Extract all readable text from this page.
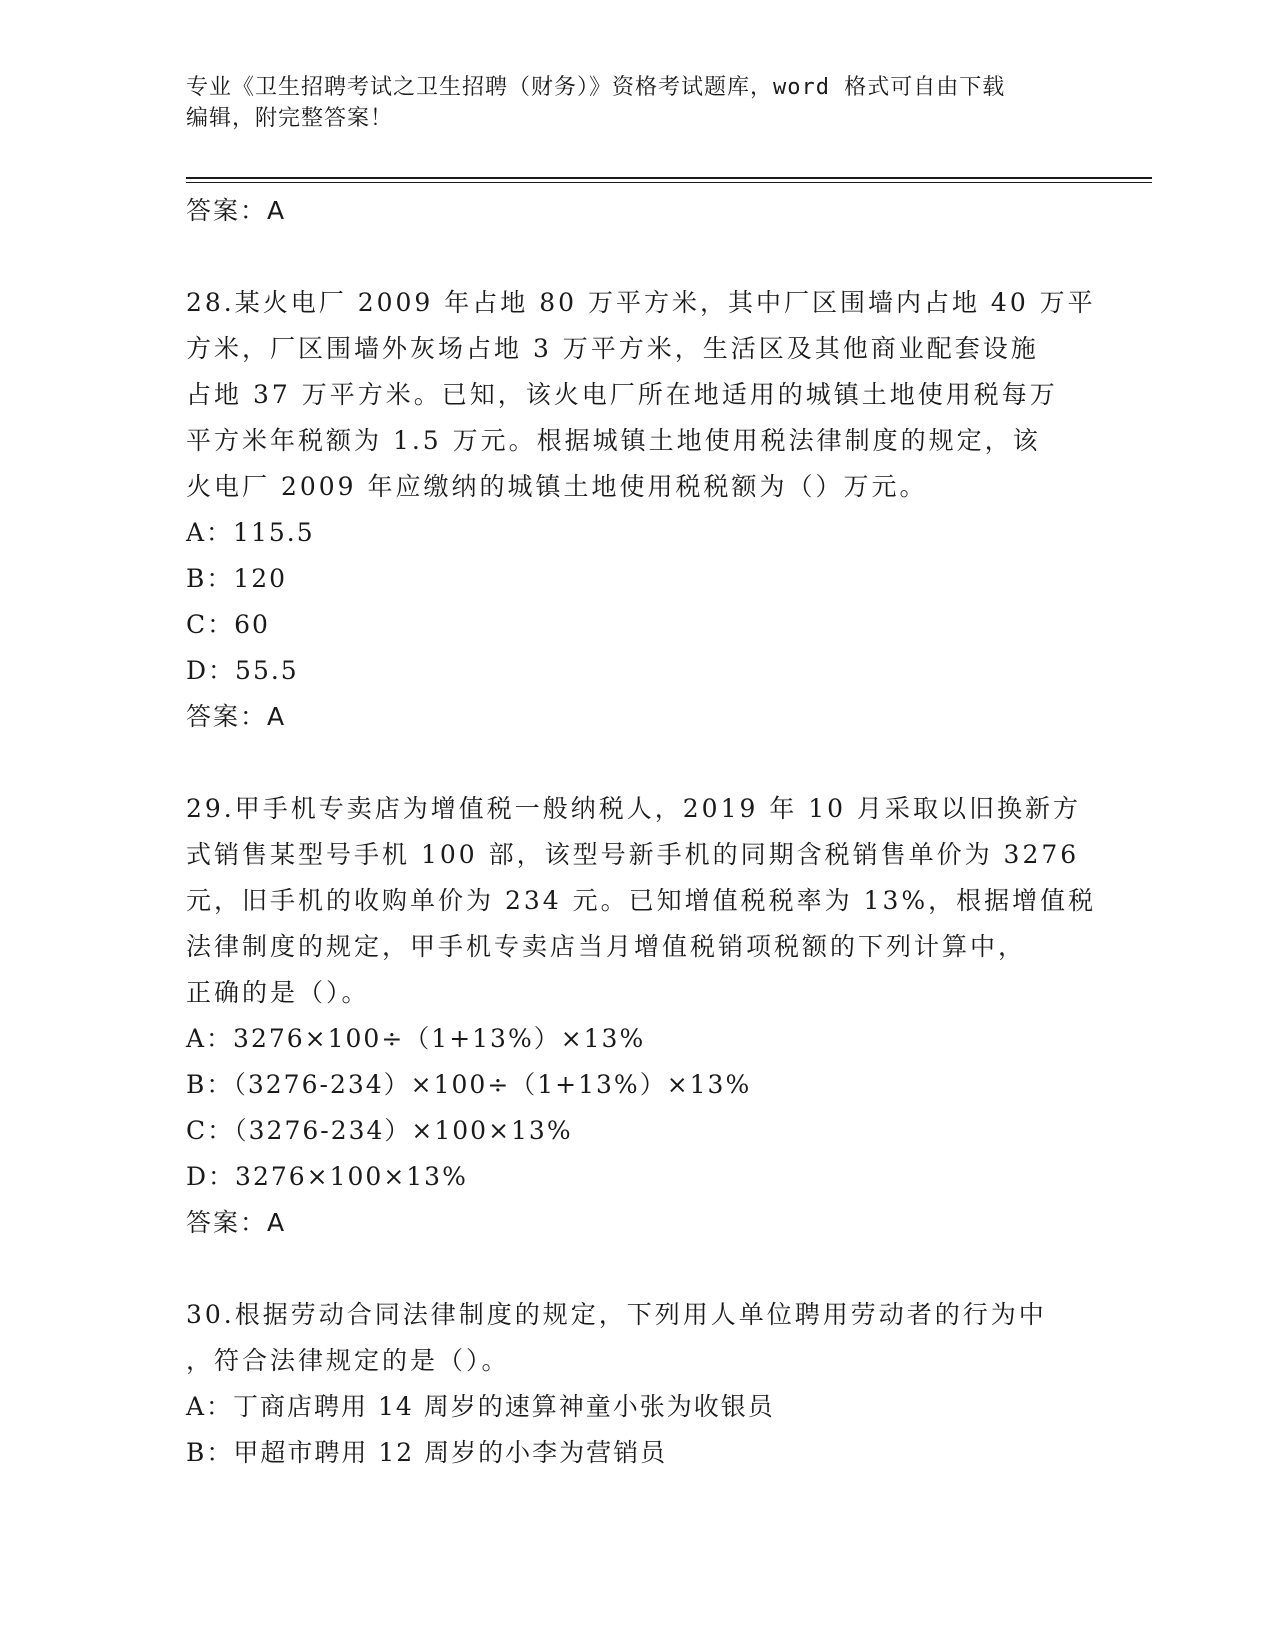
专业《卫生招聘考试之卫生招聘（财务）》资格考试题库，word 格式可自由下载
编辑，附完整答案！
答案：A
28.某火电厂 2009 年占地 80 万平方米，其中厂区围墙内占地 40 万平
方米，厂区围墙外灰场占地 3 万平方米，生活区及其他商业配套设施
占地 37 万平方米。已知，该火电厂所在地适用的城镇土地使用税每万
平方米年税额为 1.5 万元。根据城镇土地使用税法律制度的规定，该
火电厂 2009 年应缴纳的城镇土地使用税税额为（）万元。
A：115.5
B：120
C：60
D：55.5
答案：A
29.甲手机专卖店为增值税一般纳税人，2019 年 10 月采取以旧换新方
式销售某型号手机 100 部，该型号新手机的同期含税销售单价为 3276
元，旧手机的收购单价为 234 元。已知增值税税率为 13%，根据增值税
法律制度的规定，甲手机专卖店当月增值税销项税额的下列计算中，
正确的是（）。
A：3276×100÷（1+13%）×13%
B：（3276-234）×100÷（1+13%）×13%
C：（3276-234）×100×13%
D：3276×100×13%
答案：A
30.根据劳动合同法律制度的规定，下列用人单位聘用劳动者的行为中
，符合法律规定的是（）。
A：丁商店聘用 14 周岁的速算神童小张为收银员
B：甲超市聘用 12 周岁的小李为营销员
